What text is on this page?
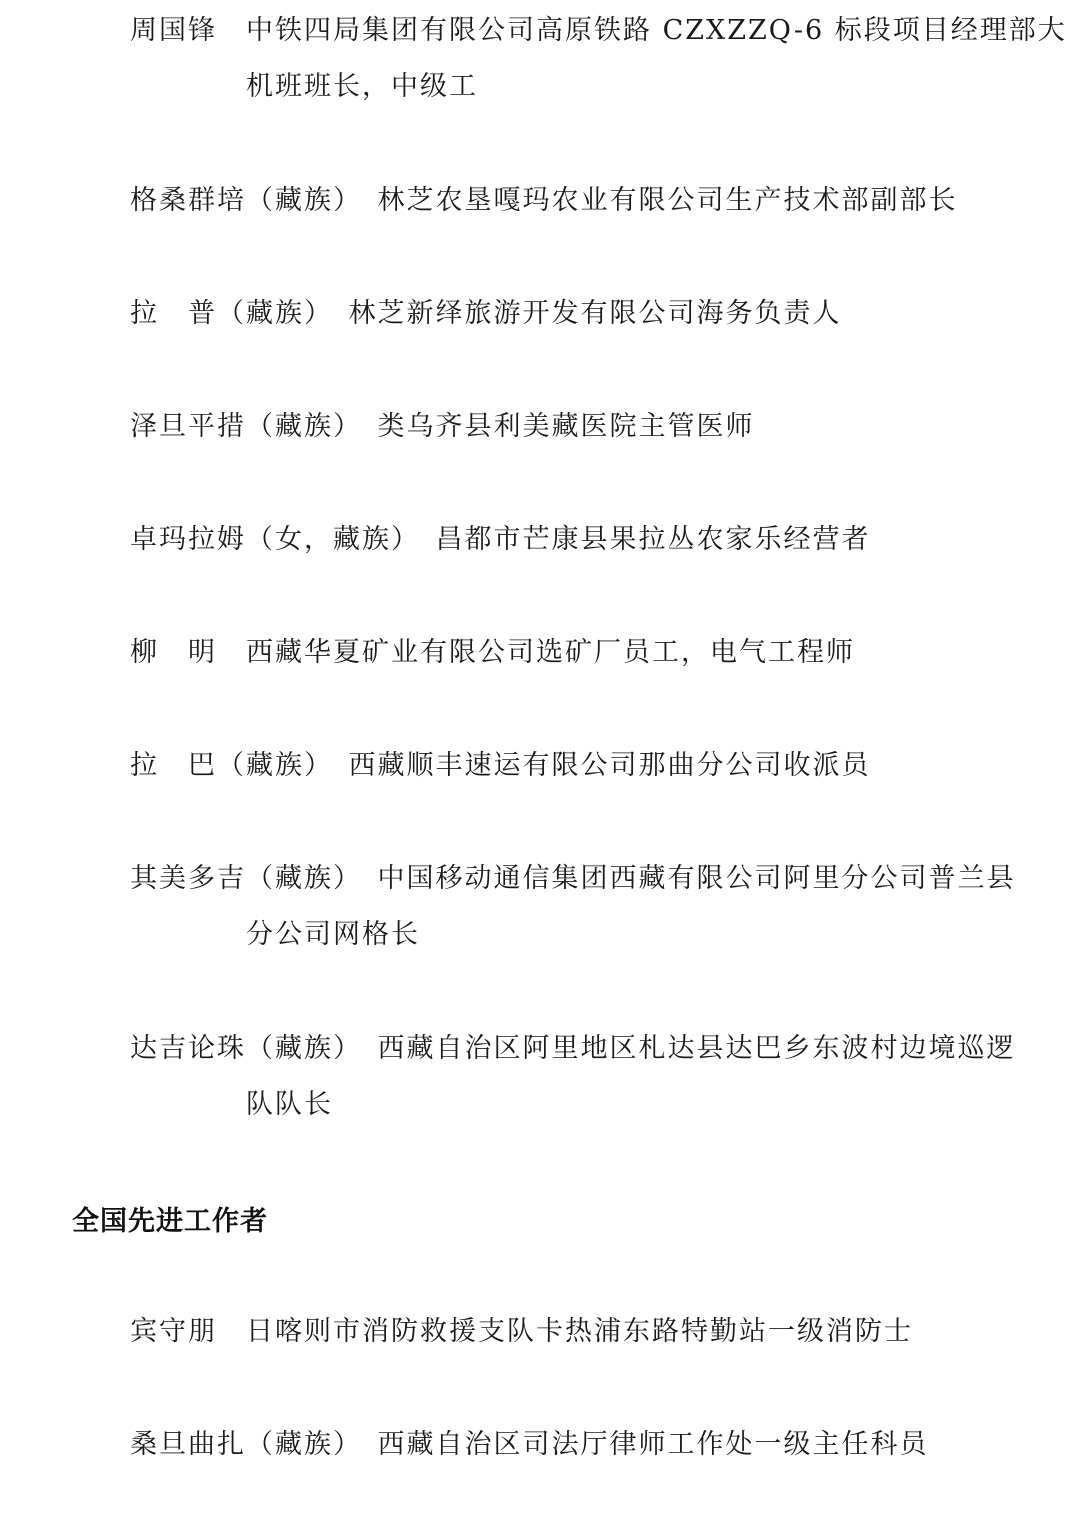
周国锋　 中铁四局集团有限公司高原铁路 CZXZZQ-6 标段项目经理部大
机班班长，中级工
格桑群培（藏族）　 林芝农垦嘎玛农业有限公司生产技术部副部长
拉　普（藏族）　 林芝新绎旅游开发有限公司海务负责人
泽旦平措（藏族）　 类乌齐县利美藏医院主管医师
卓玛拉姆（女，藏族）　 昌都市芒康县果拉丛农家乐经营者
柳　明　 西藏华夏矿业有限公司选矿厂员工，电气工程师
拉　巴（藏族）　 西藏顺丰速运有限公司那曲分公司收派员
其美多吉（藏族）　 中国移动通信集团西藏有限公司阿里分公司普兰县
分公司网格长
达吉论珠（藏族）　 西藏自治区阿里地区札达县达巴乡东波村边境巡逻
队队长
全国先进工作者
宾守朋　 日喀则市消防救援支队卡热浦东路特勤站一级消防士
桑旦曲扎（藏族）　 西藏自治区司法厅律师工作处一级主任科员
